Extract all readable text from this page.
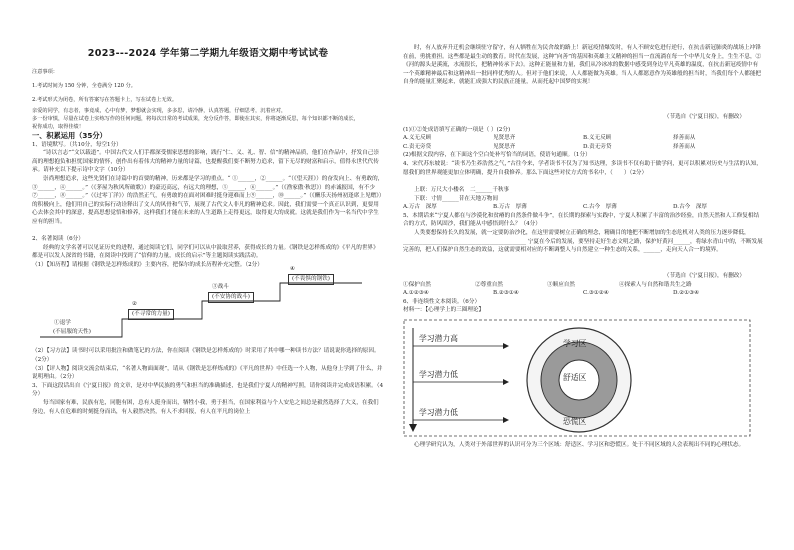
2023---2024 学年第二学期九年级语文期中考试试卷

注意事项：

1.考试时间为 150 分钟，全卷满分 120 分。

2.考试形式为闭卷，所有答案写在答题卡上，写在试卷上无效。

亲爱的同学，有志者，事竟成，心中有梦，梦想就会实现，多多思，请冷静，认真答题，仔细思考，沉着应对，

多一份审慎，尽量在试卷上实练写作的任何问题，将每次日常的考试成果，充分反作答，即使在其实，你将逐渐反思，每个知识都不断的成长，

祝你成功，取得佳绩！

一、积累运用（35分）

1、语境默写。（共10分，每空1分）

“诗以言志”“文以载道”。中国古代文人们手都深受儒家思想的影响，践行“仁、义、礼、智、信”的精神品质，他们在作品中，抒发自己崇高的理想抱负和担忧国家的情怀，创作出有着伟大的精神力量的诗篇，也提醒我们要不断努力追求，留下无尽的财富和启示，值得永世代代传承。请补充以下提示诗中文字（10分）

崇尚理想追求，这些先贤们在诗篇中的首要的精神，历来都是学习的重点。“ ①______，②______。“（《望天涯》）的奋发向上、有勇敢的，③______，④______。”（《茅屋为秋风所破歌》）的豪迈高远，有远大的理想，⑤______，⑥______。”（《渔家傲·秋思》）的赤诚报国，有不少⑦______，⑧______。”（《过零丁洋》）的浩然正气，有勇敢的在面对困难时挺身迎难而上⑨______，⑩______。”（《酬乐天扬州初逢席上见赠》）的积极向上，他们用自己的实际行动诠释出了文人的风骨和气节，展现了古代文人非凡的精神追求。因此，我们需要一个真正认识到，更要用心去体会其中的深意，提高思想觉悟和修养，这样我们才能在未来的人生道路上走得更远，取得更大的成就。这就是我们作为一名当代中学生应有的担当。

2、名著阅读（6分）

经典的文学名著可以见证历史的进程，通过阅读它们，同学们可以从中汲取营养，获得成长的力量。《钢铁是怎样炼成的》《平凡的世界》都是可以发人深省的书籍，在阅读中找到了“信仰的力量，成长的启示”等主题阅读实践活动。

（1）【知历程】请根据《钢铁是怎样炼成的》主要内容，把保尔的成长历程补充完整。（2分）

①退学
(不屈服的天性)
②
(不寻常的力量)
③战斗
(不安协的战斗)
④
(不畏惧的钢铁)

（2）【习方法】读书时可以采用批注和做笔记的方法，你在阅读《钢铁是怎样炼成的》时采用了其中哪一种读书方法？请说说你选择的原因。（2分）

（3）【评人物】阅读交流会结束后，“名著人物面面观”，请从《钢铁是怎样炼成的》《平凡的世界》中任选一个人物，从他身上学到了什么，并说明理由。（2分）

3、下面这段话出自《宁夏日报》的文章，是对中华民族的勇气和担当的准确描述，也是我们宁夏人的精神写照，请你阅读并完成成语积累。（4分）

每当国家有难，民族有危，同胞有困，总有人挺身而出，牺牲小我，勇于担当，在国家利益与个人安危之间总是毅然选择了大义，在我们身边，有人在危难的时刻挺身而出，有人毅然决然，有人不求回报，有人在平凡的岗位上

时，有人放弃升迁机会继续驻守留守，有人牺牲在为民舍故的路上！新冠疫情爆发时，有人不顾安危进行逆行，在抗击新冠肺炎的战场上冲锋在前，勇挑重担。这些都是最生动的教育。时代在发展，这种“向善”的基因和英雄主义精神的担当一直流淌在每一个中华儿女身上，生生不息，②《河的源头是溪流，水流很长，把精神传承下去》。这种正能量和力量，我们从冷冰冰的数据中感受到身边平凡英雄的温度，在抗击新冠疫情中有一个英雄精神最后和这精神出一批同样优秀的人。但对于他们来说，人人都能做为英雄。当人人都愿意作为英雄般的担当时，当我们每个人都能把自身的能量汇聚起来，就能汇成强大的民族正能量，从而托起中国梦的实现！

（节选自《宁夏日报》，有删改）

(1)①②处成语填写正确的一项是（ ）(2分)

A.义无反顾	见贤思齐	B.义无反顾	择善而从
C.责无旁贷	见贤思齐	D.责无旁贷	择善而从

(2)根据文段内容，在下面这个空白处补写恰当的词语，使语句通顺。（1分）

4、宋代苏东坡说：“读书乃生养浩然之气，”古往今来，学者读书不仅为了知书达理，多读书不仅有助于做学问，更可以积累对历史与生活的认知，愿我们的世界观能更加立体明确，提升自我修养。那么下面这些对仗方式的书名中，（　　）（2分）

上联：万尺大小楼名　二______千秋事

下联：寸情______昔在天地万物间

A.万古　深厚	B.万古　厚薄	C.古今　厚薄	D.古今　深厚

5、本期话来“宁夏人都在与沙漠化和贫瘠的自然条件做斗争”，在长期的探索与实践中，宁夏人积累了丰富的治沙经验，自然天然和人工修复相结合的方式，防风固沙，我们能从中感悟到什么？（4分）

人类要想保持长久的发展，就一定要防治沙化，在这里需要树立正确的理念，精确目的地把不断增加的生态危机对人类的压力逐步降低，____________________________________________ 宁夏在今后的发展，要坚持走好生态文明之路，保护好黄河______，将绿水青山中的，不断发展完善的，把人们保护自然生态的效益，这就需要相对应的不断调整人与自然建立一种生态的关系，______，走向天人合一的境界。

（节选自《宁夏日报》，有删改）

①保护自然	②尊重自然	③顺应自然	④探索人与自然和谐共生之路
A.①②③④	B.②③①④	C.③①②④	D.②①③④

6、非连续性文本阅读。（6分）

材料一：【心理学上的三圈理论】

学习潜力高
学习潜力低
学习潜力低
学习区
舒适区
恐慌区

心理学研究认为，人类对于外部世界的认识可分为三个区域：舒适区、学习区和恐慌区。处于不同区域的人会表现出不同的心理状态。
